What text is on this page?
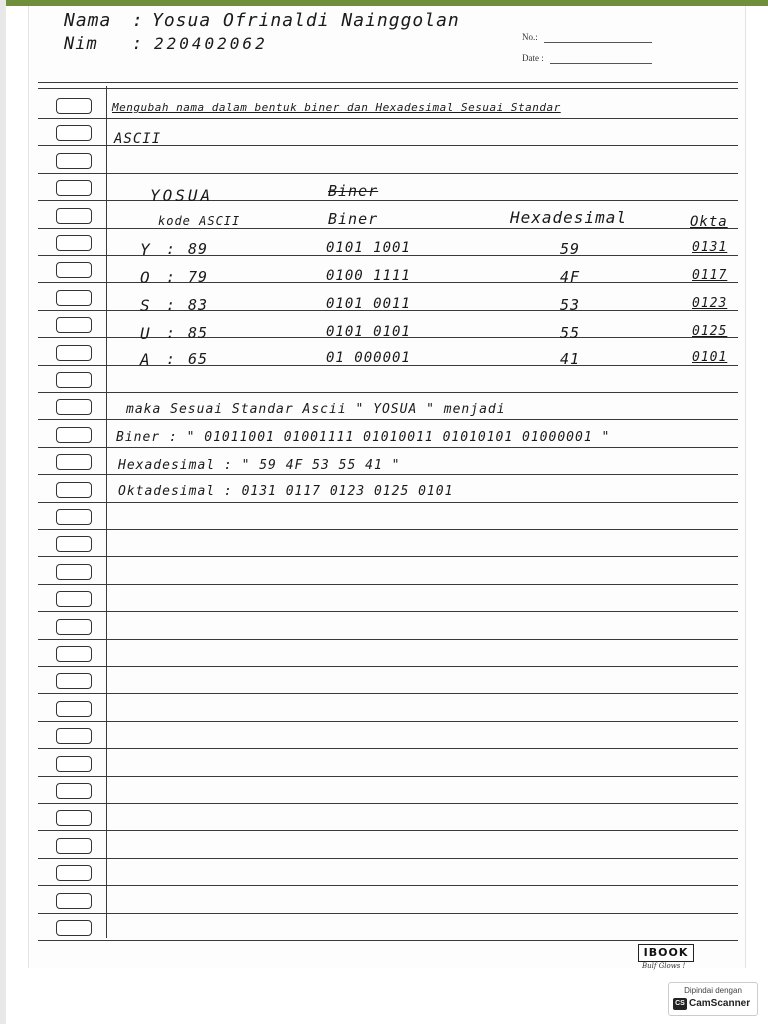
Nama : Yosua Ofrinaldi Nainggolan
Nim : 220402062	No.:
Date :
Mengubah nama dalam bentuk biner dan Hexadesimal Sesuai Standar
ASCII
YOSUA	Biner
kode ASCII	Biner	Hexadesimal	Okta
Y : 89	0101 1001	59	0131
O : 79	0100 1111	4F	0117
S : 83	0101 0011	53	0123
U : 85	0101 0101	55	0125
A : 65	01 000001	41	0101
maka Sesuai Standar Ascii " YOSUA " menjadi
Biner : " 01011001 01001111 01010011 01010101 01000001 "
Hexadesimal : " 59 4F 53 55 41 "
Oktadesimal : 0131 0117 0123 0125 0101
IBOOK
Bulf Glows !
Dipindai dengan
CS CamScanner
